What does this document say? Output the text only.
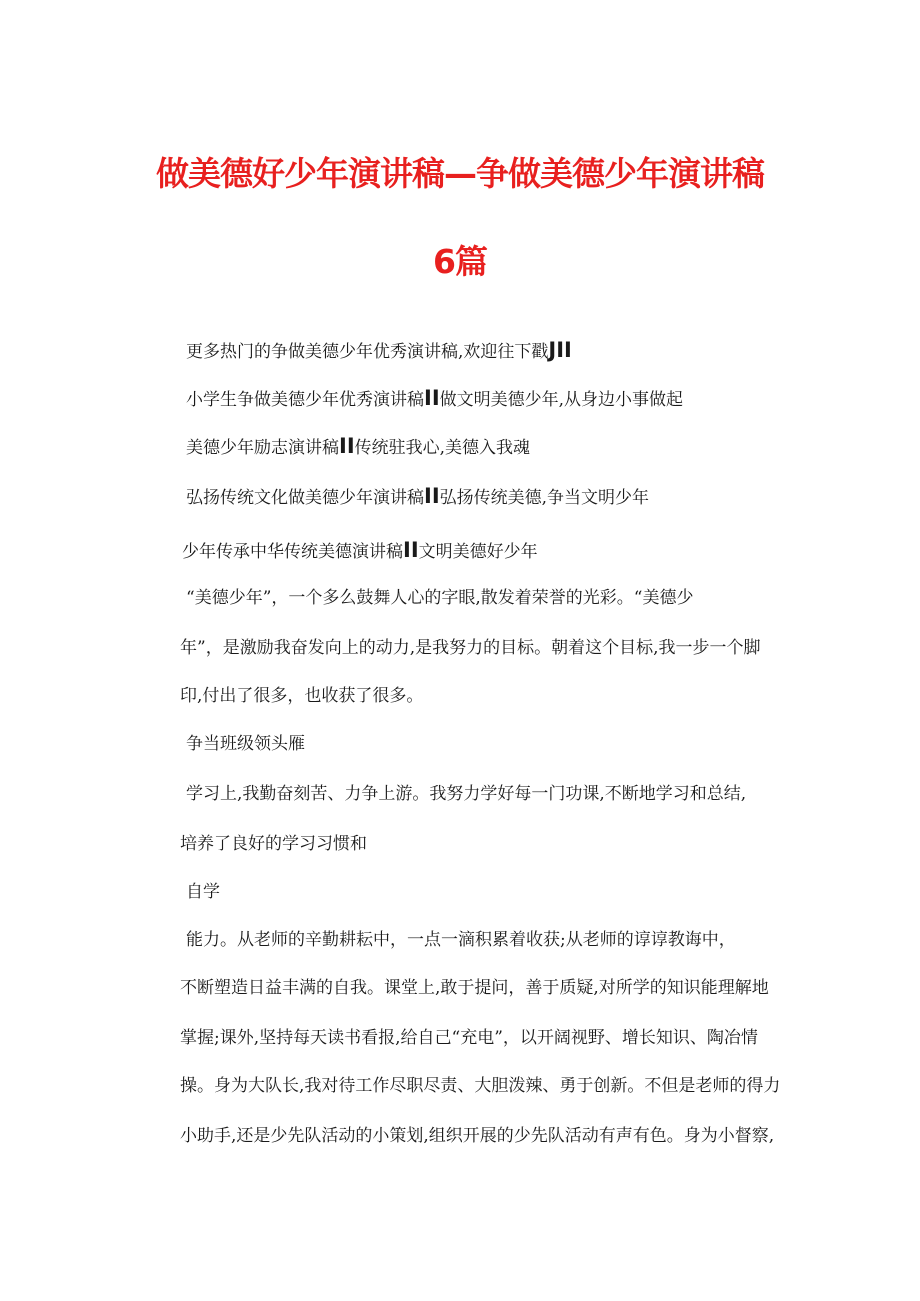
做美德好少年演讲稿—争做美德少年演讲稿
6篇
更多热门的争做美德少年优秀演讲稿,欢迎往下戳JII
小学生争做美德少年优秀演讲稿II做文明美德少年,从身边小事做起
美德少年励志演讲稿II传统驻我心,美德入我魂
弘扬传统文化做美德少年演讲稿II弘扬传统美德,争当文明少年
少年传承中华传统美德演讲稿II文明美德好少年
“美德少年”，一个多么鼓舞人心的字眼,散发着荣誉的光彩。“美德少
年”，是激励我奋发向上的动力,是我努力的目标。朝着这个目标,我一步一个脚
印,付出了很多，也收获了很多。
争当班级领头雁
学习上,我勤奋刻苦、力争上游。我努力学好每一门功课,不断地学习和总结,
培养了良好的学习习惯和
自学
能力。从老师的辛勤耕耘中，一点一滴积累着收获;从老师的谆谆教诲中，
不断塑造日益丰满的自我。课堂上,敢于提问，善于质疑,对所学的知识能理解地
掌握;课外,坚持每天读书看报,给自己“充电”，以开阔视野、增长知识、陶冶情
操。身为大队长,我对待工作尽职尽责、大胆泼辣、勇于创新。不但是老师的得力
小助手,还是少先队活动的小策划,组织开展的少先队活动有声有色。身为小督察,
